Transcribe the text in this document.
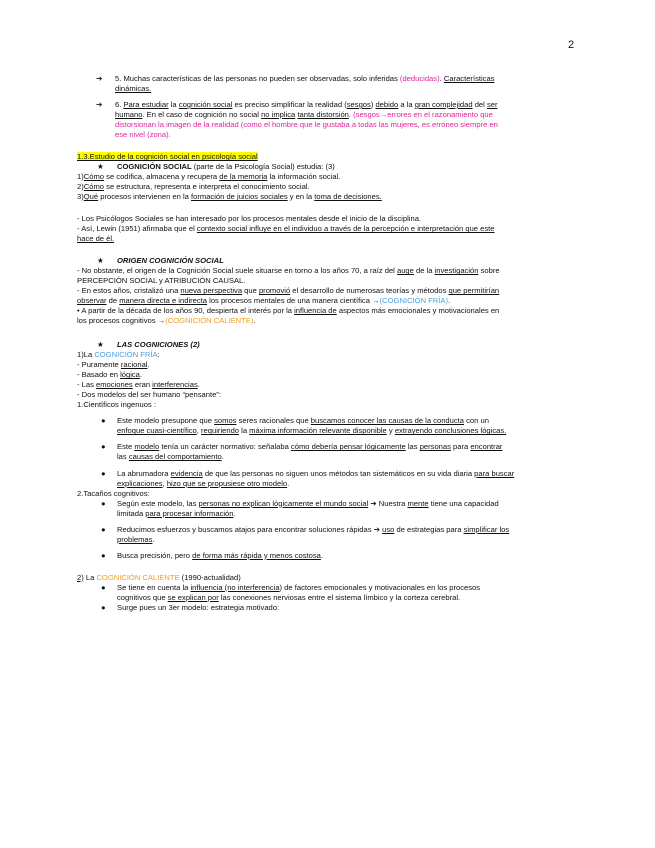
2
➔ 5. Muchas características de las personas no pueden ser observadas, solo inferidas (deducidas). Características

dinámicas.

➔ 6. Para estudiar la cognición social es preciso simplificar la realidad (sesgos) debido a la gran complejidad del ser

humano. En el caso de cognición no social no implica tanta distorsión. (sesgos→errores en el razonamiento que

distorsionan la imagen de la realidad (como el hombre que le gustaba a todas las mujeres, es erróneo siempre en

ese nivel (zona).

1.3.Estudio de la cognición social en psicología social
★ COGNICIÓN SOCIAL (parte de la Psicología Social) estudia: (3)
1)Cómo se codifica, almacena y recupera de la memoria la información social.
2)Cómo se estructura, representa e interpreta el conocimiento social.
3)Qué procesos intervienen en la formación de juicios sociales y en la toma de decisiones.
- Los Psicólogos Sociales se han interesado por los procesos mentales desde el inicio de la disciplina.
- Así, Lewin (1951) afirmaba que el contexto social influye en el individuo a través de la percepción e interpretación que este
hace de él.
★ ORIGEN COGNICIÓN SOCIAL
- No obstante, el origen de la Cognición Social suele situarse en torno a los años 70, a raíz del auge de la investigación sobre
PERCEPCIÓN SOCIAL y ATRIBUCIÓN CAUSAL.
- En estos años, cristalizó una nueva perspectiva que promovió el desarrollo de numerosas teorías y métodos que permitirían
observar de manera directa e indirecta los procesos mentales de una manera científica →(COGNICIÓN FRÍA).
• A partir de la década de los años 90, despierta el interés por la influencia de aspectos más emocionales y motivacionales en
los procesos cognitivos →(COGNICIÓN CALIENTE).
★ LAS COGNICIONES (2)
1)La COGNICIÓN FRÍA:
- Puramente racional.
- Basado en lógica.
- Las emociones eran interferencias.
- Dos modelos del ser humano “pensante”:
1.Científicos ingenuos :
● Este modelo presupone que somos seres racionales que buscamos conocer las causas de la conducta con un

enfoque cuasi-científico, requiriendo la máxima información relevante disponible y extrayendo conclusiones lógicas.

● Este modelo tenía un carácter normativo: señalaba cómo debería pensar lógicamente las personas para encontrar

las causas del comportamiento.

● La abrumadora evidencia de que las personas no siguen unos métodos tan sistemáticos en su vida diaria para buscar

explicaciones, hizo que se propusiese otro modelo.

2.Tacaños cognitivos:
● Según este modelo, las personas no explican lógicamente el mundo social ➔ Nuestra mente tiene una capacidad

limitada para procesar información.

● Reducimos esfuerzos y buscamos atajos para encontrar soluciones rápidas ➔ uso de estrategias para simplificar los

problemas.

● Busca precisión, pero de forma más rápida y menos costosa.

2) La COGNICIÓN CALIENTE (1990-actualidad)
● Se tiene en cuenta la influencia (no interferencia) de factores emocionales y motivacionales en los procesos

cognitivos que se explican por las conexiones nerviosas entre el sistema límbico y la corteza cerebral.

● Surge pues un 3er modelo: estrategia motivado:
